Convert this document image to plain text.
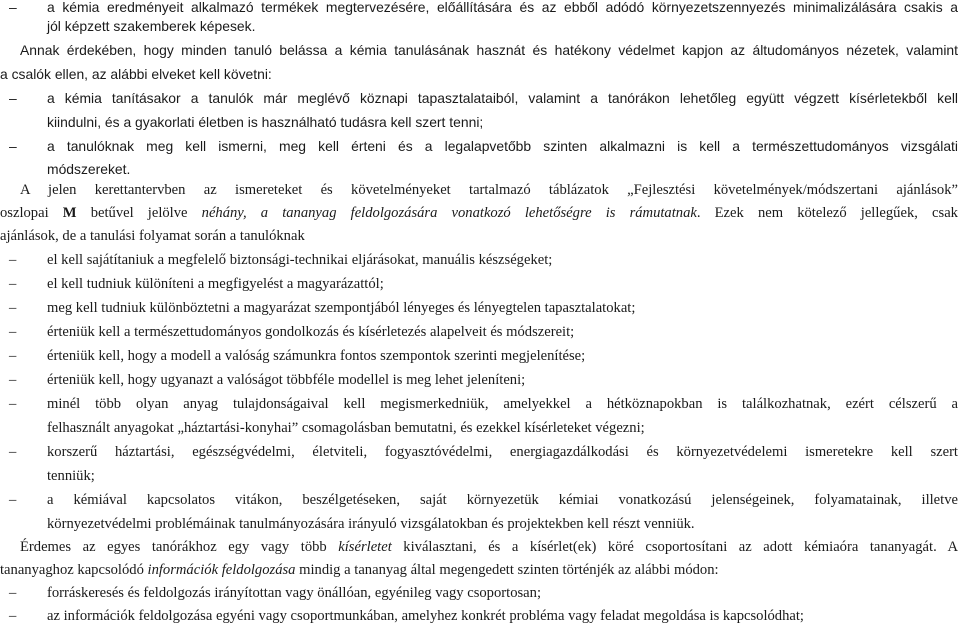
– a kémia eredményeit alkalmazó termékek megtervezésére, előállítására és az ebből adódó környezetszennyezés minimalizálására csakis a
jól képzett szakemberek képesek.
Annak érdekében, hogy minden tanuló belássa a kémia tanulásának hasznát és hatékony védelmet kapjon az áltudományos nézetek, valamint
a csalók ellen, az alábbi elveket kell követni:
– a kémia tanításakor a tanulók már meglévő köznapi tapasztalataiból, valamint a tanórákon lehetőleg együtt végzett kísérletekből kell
kiindulni, és a gyakorlati életben is használható tudásra kell szert tenni;
– a tanulóknak meg kell ismerni, meg kell érteni és a legalapvetőbb szinten alkalmazni is kell a természettudományos vizsgálati
módszereket.
A jelen kerettantervben az ismereteket és követelményeket tartalmazó táblázatok „Fejlesztési követelmények/módszertani ajánlások”
oszlopai M betűvel jelölve néhány, a tananyag feldolgozására vonatkozó lehetőségre is rámutatnak. Ezek nem kötelező jellegűek, csak
ajánlások, de a tanulási folyamat során a tanulóknak
– el kell sajátítaniuk a megfelelő biztonsági-technikai eljárásokat, manuális készségeket;
– el kell tudniuk különíteni a megfigyelést a magyarázattól;
– meg kell tudniuk különböztetni a magyarázat szempontjából lényeges és lényegtelen tapasztalatokat;
– érteniük kell a természettudományos gondolkozás és kísérletezés alapelveit és módszereit;
– érteniük kell, hogy a modell a valóság számunkra fontos szempontok szerinti megjelenítése;
– érteniük kell, hogy ugyanazt a valóságot többféle modellel is meg lehet jeleníteni;
– minél több olyan anyag tulajdonságaival kell megismerkedniük, amelyekkel a hétköznapokban is találkozhatnak, ezért célszerű a
felhasznált anyagokat „háztartási-konyhai” csomagolásban bemutatni, és ezekkel kísérleteket végezni;
– korszerű háztartási, egészségvédelmi, életviteli, fogyasztóvédelmi, energiagazdálkodási és környezetvédelemi ismeretekre kell szert
tenniük;
– a kémiával kapcsolatos vitákon, beszélgetéseken, saját környezetük kémiai vonatkozású jelenségeinek, folyamatainak, illetve
környezetvédelmi problémáinak tanulmányozására irányuló vizsgálatokban és projektekben kell részt venniük.
Érdemes az egyes tanórákhoz egy vagy több kísérletet kiválasztani, és a kísérlet(ek) köré csoportosítani az adott kémiaóra tananyagát. A
tananyaghoz kapcsolódó információk feldolgozása mindig a tananyag által megengedett szinten történjék az alábbi módon:
– forráskeresés és feldolgozás irányítottan vagy önállóan, egyénileg vagy csoportosan;
– az információk feldolgozása egyéni vagy csoportmunkában, amelyhez konkrét probléma vagy feladat megoldása is kapcsolódhat;
